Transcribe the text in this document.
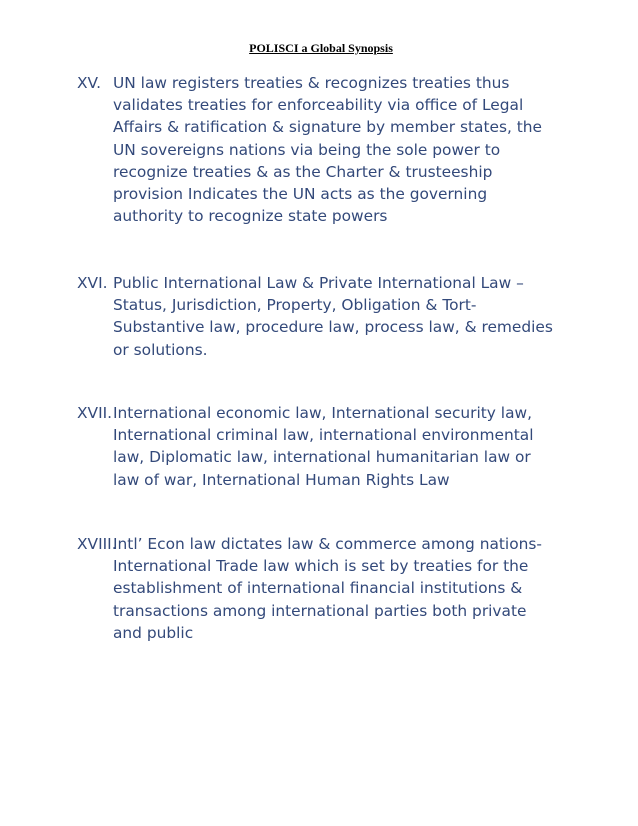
POLISCI a Global Synopsis
XV. UN law registers treaties & recognizes treaties thus
validates treaties for enforceability via office of Legal
Affairs & ratification & signature by member states, the
UN sovereigns nations via being the sole power to
recognize treaties & as the Charter & trusteeship
provision Indicates the UN acts as the governing
authority to recognize state powers
XVI. Public International Law & Private International Law –
Status, Jurisdiction, Property, Obligation & Tort-
Substantive law, procedure law, process law, & remedies
or solutions.
XVII. International economic law, International security law,
International criminal law, international environmental
law, Diplomatic law, international humanitarian law or
law of war, International Human Rights Law
XVIII.
Intl’ Econ law dictates law & commerce among nations-
International Trade law which is set by treaties for the
establishment of international financial institutions &
transactions among international parties both private
and public
